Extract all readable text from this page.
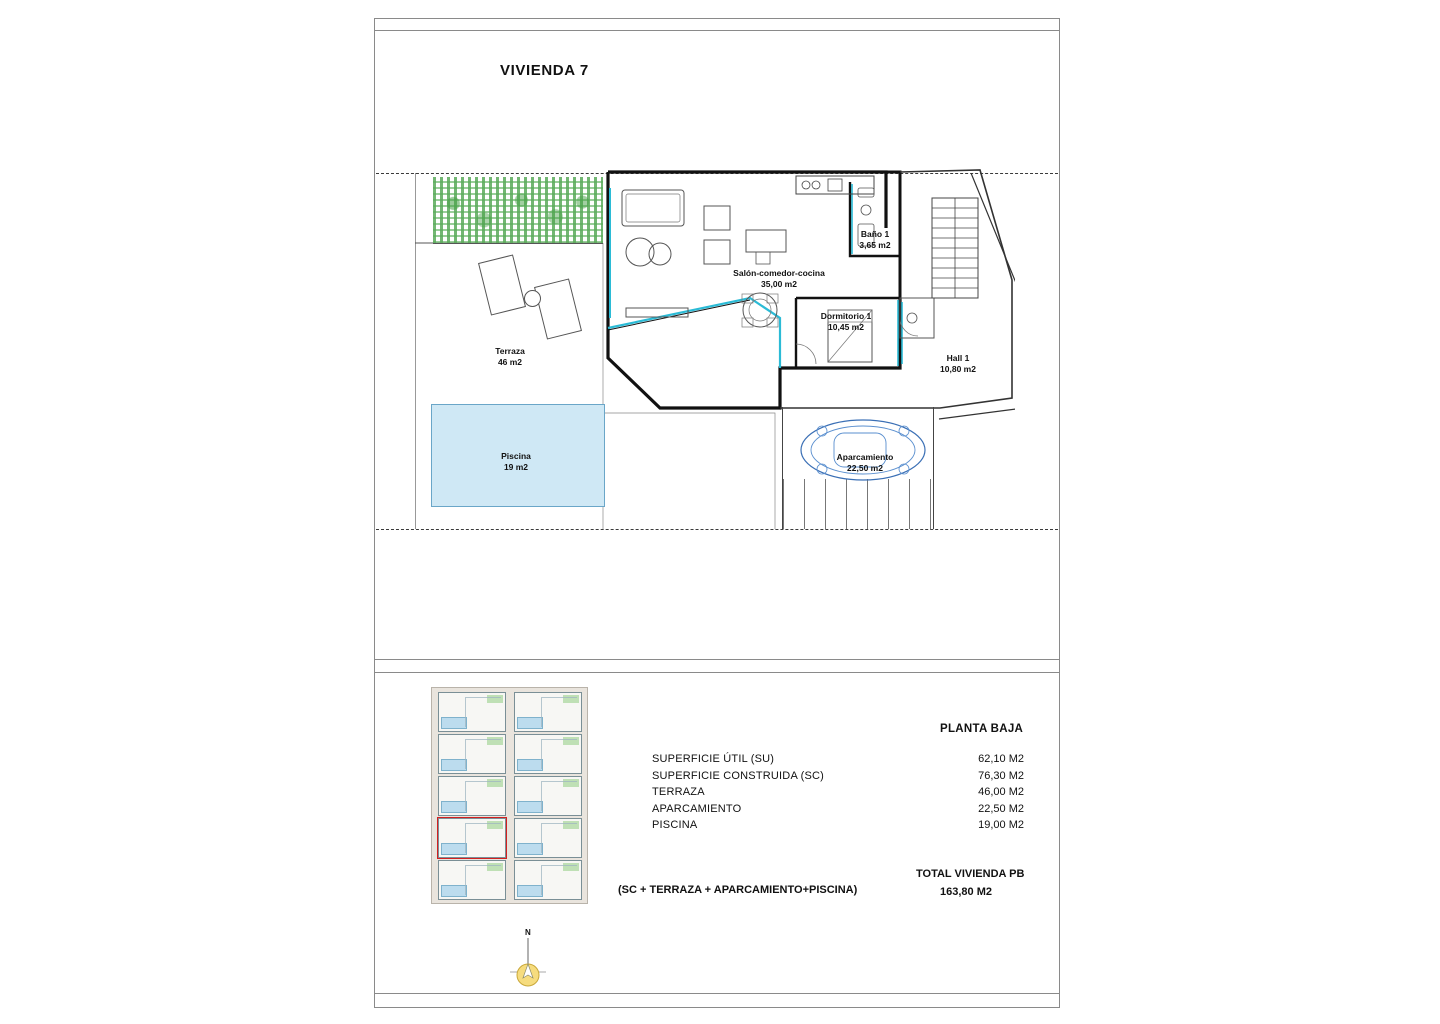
VIVIENDA 7
Piscina
19 m2
Terraza
46 m2
Salón-comedor-cocina
35,00 m2
Baño 1
3,65 m2
Dormitorio 1
10,45 m2
Hall 1
10,80 m2
Aparcamiento
22,50 m2
PLANTA BAJA
SUPERFICIE ÚTIL (SU)	62,10 M2
SUPERFICIE CONSTRUIDA (SC)	76,30 M2
TERRAZA	46,00 M2
APARCAMIENTO	22,50 M2
PISCINA	19,00 M2
(SC + TERRAZA + APARCAMIENTO+PISCINA)
TOTAL VIVIENDA PB
163,80 M2
N
